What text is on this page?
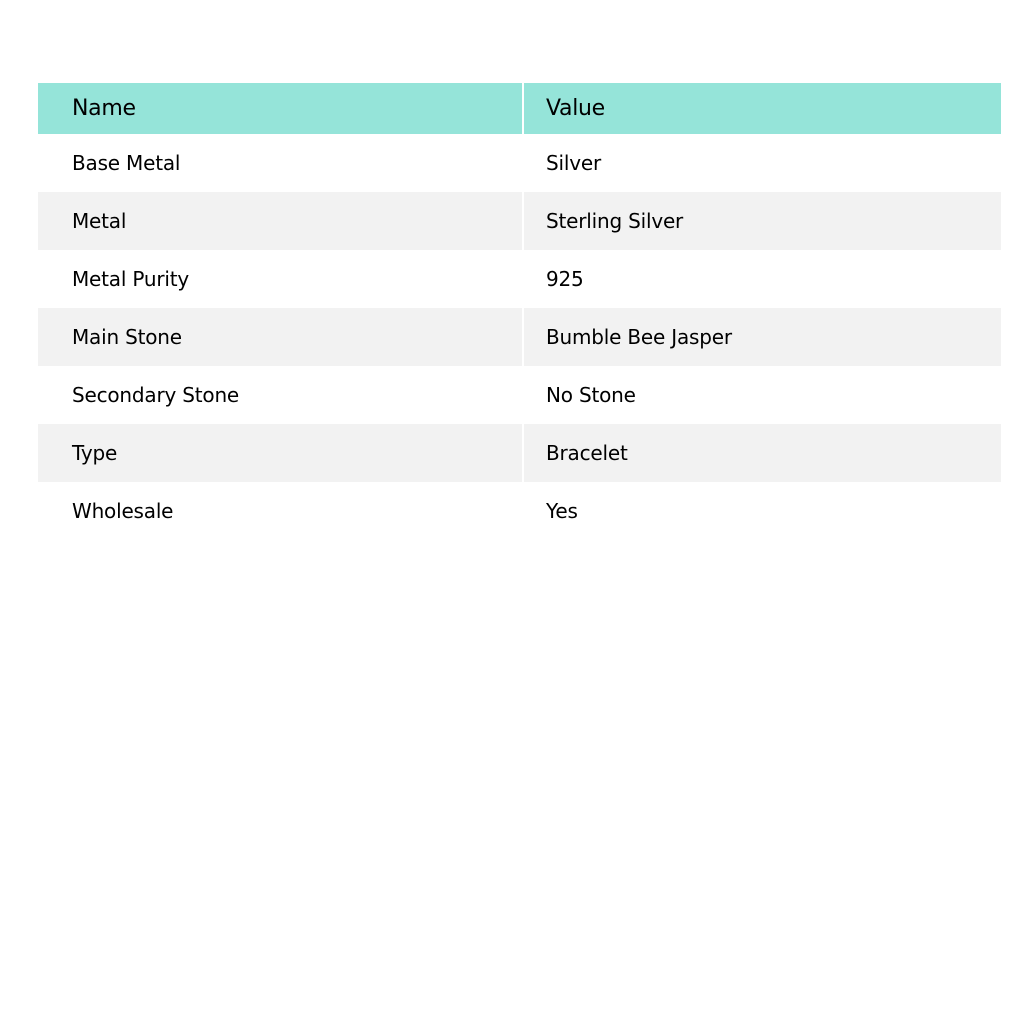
Name	Value
Base Metal	Silver
Metal	Sterling Silver
Metal Purity	925
Main Stone	Bumble Bee Jasper
Secondary Stone	No Stone
Type	Bracelet
Wholesale	Yes
